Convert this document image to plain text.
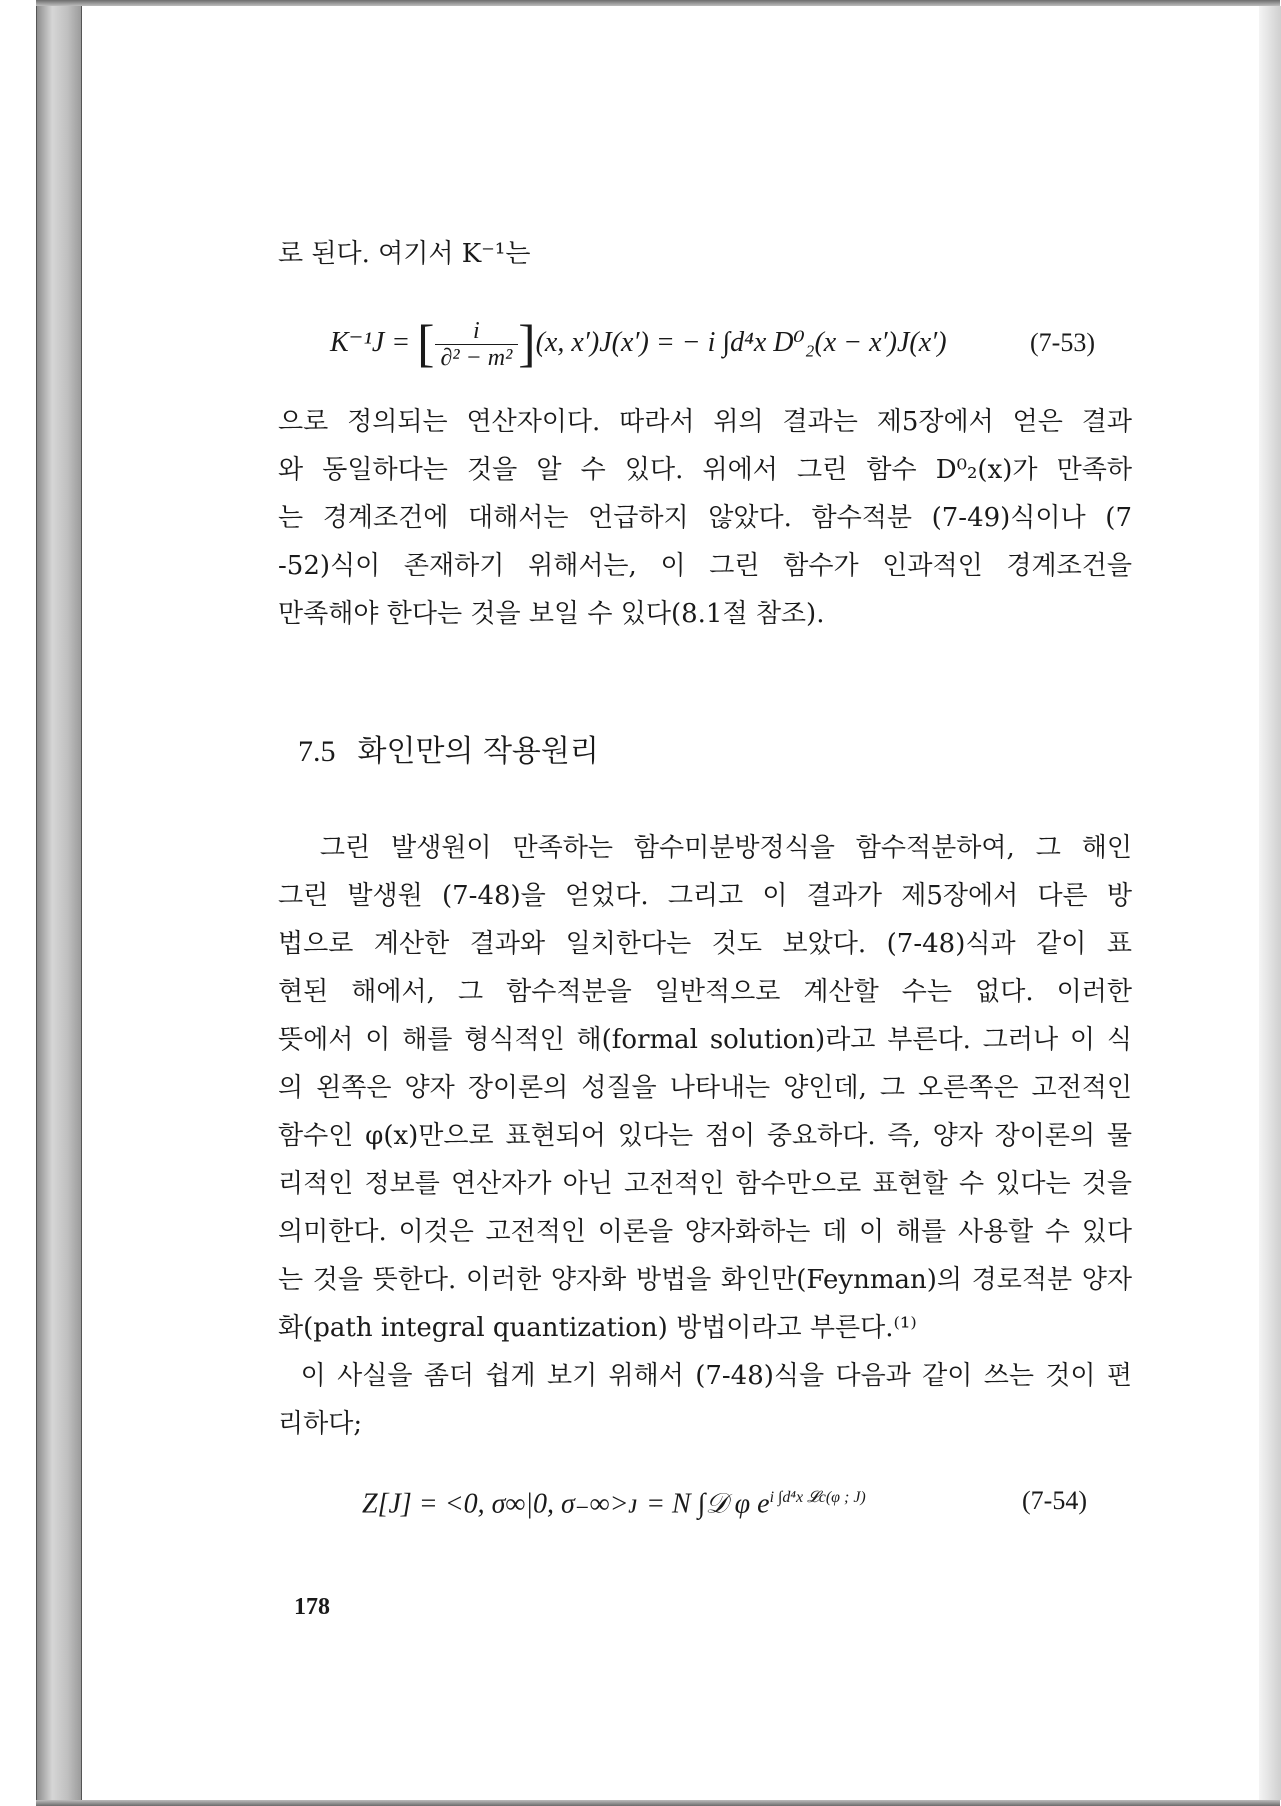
로 된다. 여기서 K⁻¹는
K⁻¹J = [ $\frac{i}{\text{∂² − m²}} ](x$, x′)J(x′) = − i ∫d⁴x D⁰₂(x − x′)J(x′)	(7-53)
으로 정의되는 연산자이다. 따라서 위의 결과는 제5장에서 얻은 결과
와 동일하다는 것을 알 수 있다. 위에서 그린 함수 D⁰₂(x)가 만족하
는 경계조건에 대해서는 언급하지 않았다. 함수적분 (7-49)식이나 (7
-52)식이 존재하기 위해서는, 이 그린 함수가 인과적인 경계조건을
만족해야 한다는 것을 보일 수 있다(8.1절 참조).
7.5 화인만의 작용원리
그린 발생원이 만족하는 함수미분방정식을 함수적분하여, 그 해인
그린 발생원 (7-48)을 얻었다. 그리고 이 결과가 제5장에서 다른 방
법으로 계산한 결과와 일치한다는 것도 보았다. (7-48)식과 같이 표
현된 해에서, 그 함수적분을 일반적으로 계산할 수는 없다. 이러한
뜻에서 이 해를 형식적인 해(formal solution)라고 부른다. 그러나 이 식
의 왼쪽은 양자 장이론의 성질을 나타내는 양인데, 그 오른쪽은 고전적인
함수인 φ(x)만으로 표현되어 있다는 점이 중요하다. 즉, 양자 장이론의 물
리적인 정보를 연산자가 아닌 고전적인 함수만으로 표현할 수 있다는 것을
의미한다. 이것은 고전적인 이론을 양자화하는 데 이 해를 사용할 수 있다
는 것을 뜻한다. 이러한 양자화 방법을 화인만(Feynman)의 경로적분 양자
화(path integral quantization) 방법이라고 부른다.⁽¹⁾
이 사실을 좀더 쉽게 보기 위해서 (7-48)식을 다음과 같이 쓰는 것이 편
리하다;
Z[J] = <0, σ∞|0, σ₋∞>ᴊ = N ∫𝒟 φ $e^{i \int d^4x 𝓛c(\varphi ; J)}$	(7-54)
178
